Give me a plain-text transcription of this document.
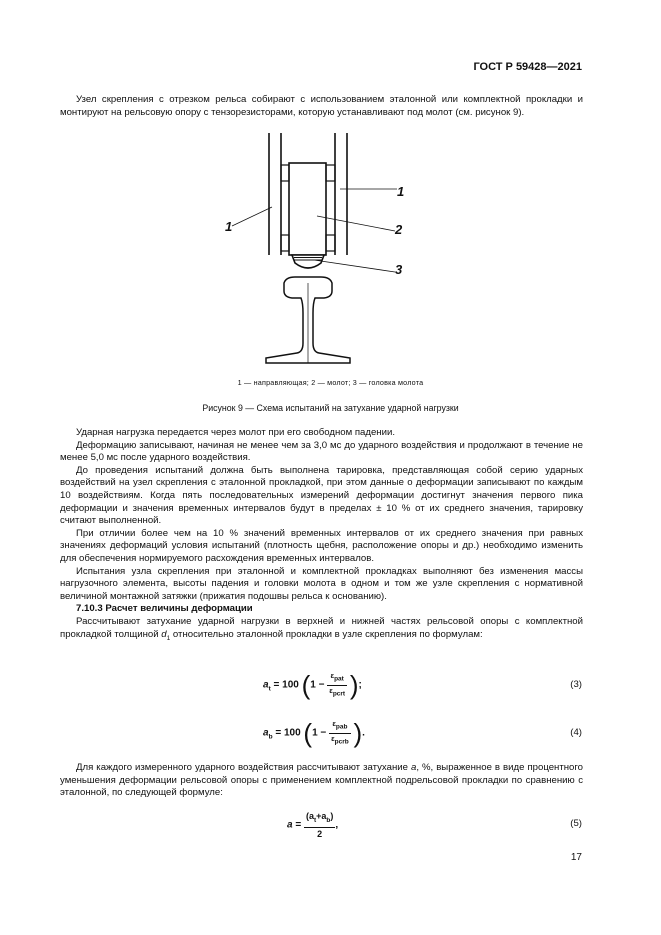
ГОСТ Р 59428—2021

Узел скрепления с отрезком рельса собирают с использованием эталонной или комплектной прокладки и монтируют на рельсовую опору с тензорезисторами, которую устанавливают под молот (см. рисунок 9).

1
1
2
3
1 — направляющая; 2 — молот; 3 — головка молота
Рисунок 9 — Схема испытаний на затухание ударной нагрузки

Ударная нагрузка передается через молот при его свободном падении.

Деформацию записывают, начиная не менее чем за 3,0 мс до ударного воздействия и продолжают в течение не менее 5,0 мс после ударного воздействия.

До проведения испытаний должна быть выполнена тарировка, представляющая собой серию ударных воздействий на узел скрепления с эталонной прокладкой, при этом данные о деформации записывают по каждым 10 воздействиям. Когда пять последовательных измерений деформации достигнут значения первого пика деформации и значения временных интервалов будут в пределах ± 10 % от их среднего значения, тарировку считают выполненной.

При отличии более чем на 10 % значений временных интервалов от их среднего значения при равных значениях деформаций условия испытаний (плотность щебня, расположение опоры и др.) необходимо изменить для обеспечения нормируемого расхождения временных интервалов.

Испытания узла скрепления при эталонной и комплектной прокладках выполняют без изменения массы нагрузочного элемента, высоты падения и головки молота в одном и том же узле скрепления с нормативной величиной монтажной затяжки (прижатия подошвы рельса к основанию).

7.10.3 Расчет величины деформации

Рассчитывают затухание ударной нагрузки в верхней и нижней частях рельсовой опоры с комплектной прокладкой толщиной $d_1$ относительно эталонной прокладки в узле скрепления по формулам:

$a_t = 100$ ($1 - \frac{\varepsilon_{pat}}{\varepsilon_{pcrt}}$ );	(3)
$a_b = 100$ ($1 - \frac{\varepsilon_{pab}}{\varepsilon_{pcrb}}$ ).	(4)

Для каждого измеренного ударного воздействия рассчитывают затухание a, %, выраженное в виде процентного уменьшения деформации рельсовой опоры с применением комплектной подрельсовой прокладки по сравнению с эталонной, по следующей формуле:

$a = \frac{(a_t+a_b)}{2}$ ,	(5)
17
